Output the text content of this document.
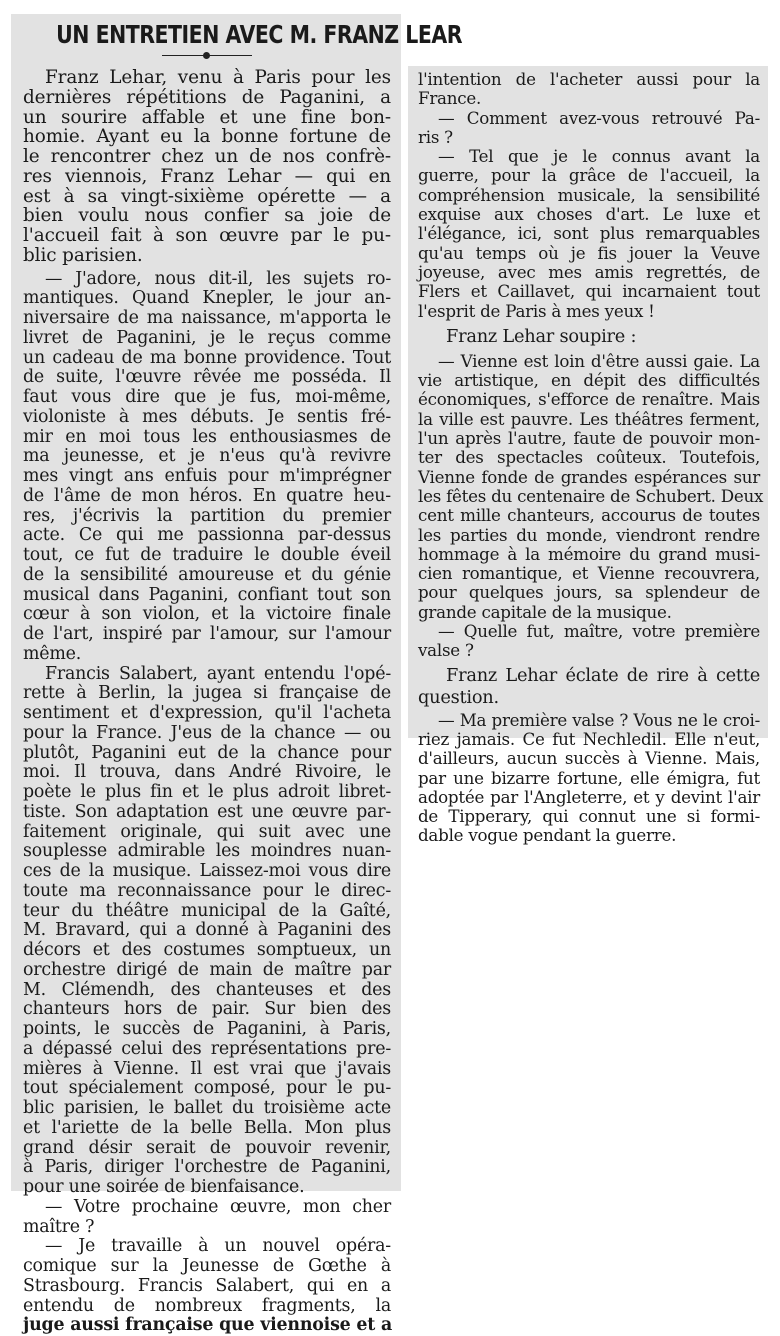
UN ENTRETIEN AVEC M. FRANZ LEAR
Franz Lehar, venu à Paris pour les
dernières répétitions de Paganini, a
un sourire affable et une fine bon-
homie. Ayant eu la bonne fortune de
le rencontrer chez un de nos confrè-
res viennois, Franz Lehar — qui en
est à sa vingt-sixième opérette — a
bien voulu nous confier sa joie de
l'accueil fait à son œuvre par le pu-
blic parisien.
— J'adore, nous dit-il, les sujets ro-
mantiques. Quand Knepler, le jour an-
niversaire de ma naissance, m'apporta le
livret de Paganini, je le reçus comme
un cadeau de ma bonne providence. Tout
de suite, l'œuvre rêvée me posséda. Il
faut vous dire que je fus, moi-même,
violoniste à mes débuts. Je sentis fré-
mir en moi tous les enthousiasmes de
ma jeunesse, et je n'eus qu'à revivre
mes vingt ans enfuis pour m'imprégner
de l'âme de mon héros. En quatre heu-
res, j'écrivis la partition du premier
acte. Ce qui me passionna par-dessus
tout, ce fut de traduire le double éveil
de la sensibilité amoureuse et du génie
musical dans Paganini, confiant tout son
cœur à son violon, et la victoire finale
de l'art, inspiré par l'amour, sur l'amour
même.
Francis Salabert, ayant entendu l'opé-
rette à Berlin, la jugea si française de
sentiment et d'expression, qu'il l'acheta
pour la France. J'eus de la chance — ou
plutôt, Paganini eut de la chance pour
moi. Il trouva, dans André Rivoire, le
poète le plus fin et le plus adroit libret-
tiste. Son adaptation est une œuvre par-
faitement originale, qui suit avec une
souplesse admirable les moindres nuan-
ces de la musique. Laissez-moi vous dire
toute ma reconnaissance pour le direc-
teur du théâtre municipal de la Gaîté,
M. Bravard, qui a donné à Paganini des
décors et des costumes somptueux, un
orchestre dirigé de main de maître par
M. Clémendh, des chanteuses et des
chanteurs hors de pair. Sur bien des
points, le succès de Paganini, à Paris,
a dépassé celui des représentations pre-
mières à Vienne. Il est vrai que j'avais
tout spécialement composé, pour le pu-
blic parisien, le ballet du troisième acte
et l'ariette de la belle Bella. Mon plus
grand désir serait de pouvoir revenir,
à Paris, diriger l'orchestre de Paganini,
pour une soirée de bienfaisance.
— Votre prochaine œuvre, mon cher
maître ?
— Je travaille à un nouvel opéra-
comique sur la Jeunesse de Gœthe à
Strasbourg. Francis Salabert, qui en a
entendu de nombreux fragments, la
juge aussi française que viennoise et a
l'intention de l'acheter aussi pour la
France.
— Comment avez-vous retrouvé Pa-
ris ?
— Tel que je le connus avant la
guerre, pour la grâce de l'accueil, la
compréhension musicale, la sensibilité
exquise aux choses d'art. Le luxe et
l'élégance, ici, sont plus remarquables
qu'au temps où je fis jouer la Veuve
joyeuse, avec mes amis regrettés, de
Flers et Caillavet, qui incarnaient tout
l'esprit de Paris à mes yeux !
Franz Lehar soupire :
— Vienne est loin d'être aussi gaie. La
vie artistique, en dépit des difficultés
économiques, s'efforce de renaître. Mais
la ville est pauvre. Les théâtres ferment,
l'un après l'autre, faute de pouvoir mon-
ter des spectacles coûteux. Toutefois,
Vienne fonde de grandes espérances sur
les fêtes du centenaire de Schubert. Deux
cent mille chanteurs, accourus de toutes
les parties du monde, viendront rendre
hommage à la mémoire du grand musi-
cien romantique, et Vienne recouvrera,
pour quelques jours, sa splendeur de
grande capitale de la musique.
— Quelle fut, maître, votre première
valse ?
Franz Lehar éclate de rire à cette
question.
— Ma première valse ? Vous ne le croi-
riez jamais. Ce fut Nechledil. Elle n'eut,
d'ailleurs, aucun succès à Vienne. Mais,
par une bizarre fortune, elle émigra, fut
adoptée par l'Angleterre, et y devint l'air
de Tipperary, qui connut une si formi-
dable vogue pendant la guerre.
